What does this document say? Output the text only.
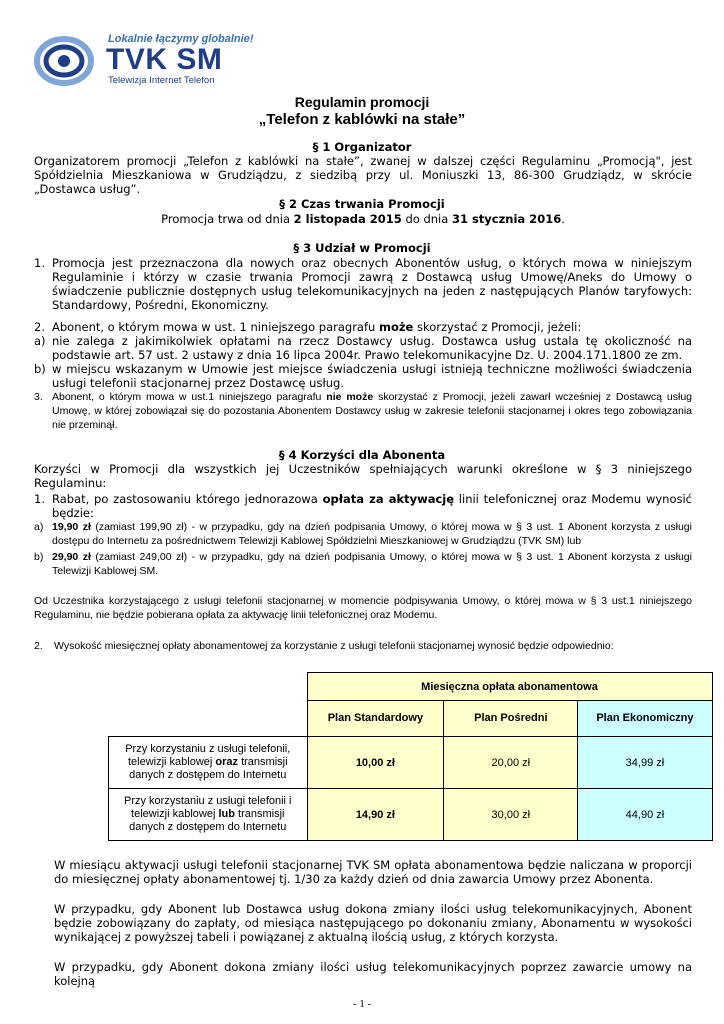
Lokalnie łączymy globalnie!
TVK SM
Telewizja Internet Telefon
Regulamin promocji
„Telefon z kablówki na stałe”
§ 1 Organizator
Organizatorem promocji „Telefon z kablówki na stałe”, zwanej w dalszej części Regulaminu „Promocją", jest Spółdzielnia Mieszkaniowa w Grudziądzu, z siedzibą przy ul. Moniuszki 13, 86-300 Grudziądz, w skrócie „Dostawca usług”.
§ 2 Czas trwania Promocji
Promocja trwa od dnia 2 listopada 2015 do dnia 31 stycznia 2016.
§ 3 Udział w Promocji
1. Promocja jest przeznaczona dla nowych oraz obecnych Abonentów usług, o których mowa w niniejszym Regulaminie i którzy w czasie trwania Promocji zawrą z Dostawcą usług Umowę/Aneks do Umowy o świadczenie publicznie dostępnych usług telekomunikacyjnych na jeden z następujących Planów taryfowych: Standardowy, Pośredni, Ekonomiczny.
2. Abonent, o którym mowa w ust. 1 niniejszego paragrafu może skorzystać z Promocji, jeżeli:
a) nie zalega z jakimikolwiek opłatami na rzecz Dostawcy usług. Dostawca usług ustala tę okoliczność na podstawie art. 57 ust. 2 ustawy z dnia 16 lipca 2004r. Prawo telekomunikacyjne Dz. U. 2004.171.1800 ze zm.
b) w miejscu wskazanym w Umowie jest miejsce świadczenia usługi istnieją techniczne możliwości świadczenia usługi telefonii stacjonarnej przez Dostawcę usług.
3. Abonent, o którym mowa w ust.1 niniejszego paragrafu nie może skorzystać z Promocji, jeżeli zawarł wcześniej z Dostawcą usług Umowę, w której zobowiązał się do pozostania Abonentem Dostawcy usług w zakresie telefonii stacjonarnej i okres tego zobowiązania nie przeminął.
§ 4 Korzyści dla Abonenta
Korzyści w Promocji dla wszystkich jej Uczestników spełniających warunki określone w § 3 niniejszego Regulaminu:
1. Rabat, po zastosowaniu którego jednorazowa opłata za aktywację linii telefonicznej oraz Modemu wynosić będzie:
a) 19,90 zł (zamiast 199,90 zł) - w przypadku, gdy na dzień podpisania Umowy, o której mowa w § 3 ust. 1 Abonent korzysta z usługi dostępu do Internetu za pośrednictwem Telewizji Kablowej Spółdzielni Mieszkaniowej w Grudziądzu (TVK SM) lub
b) 29,90 zł (zamiast 249,00 zł) - w przypadku, gdy na dzień podpisania Umowy, o której mowa w § 3 ust. 1 Abonent korzysta z usługi Telewizji Kablowej SM.
Od Uczestnika korzystającego z usługi telefonii stacjonarnej w momencie podpisywania Umowy, o której mowa w § 3 ust.1 niniejszego Regulaminu, nie będzie pobierana opłata za aktywację linii telefonicznej oraz Modemu.
2. Wysokość miesięcznej opłaty abonamentowej za korzystanie z usługi telefonii stacjonarnej wynosić będzie odpowiednio:
	Miesięczna opłata abonamentowa		
	Plan Standardowy	Plan Pośredni	Plan Ekonomiczny
Przy korzystaniu z usługi telefonii, telewizji kablowej oraz transmisji danych z dostępem do Internetu	10,00 zł	20,00 zł	34,99 zł
Przy korzystaniu z usługi telefonii i telewizji kablowej lub transmisji danych z dostępem do Internetu	14,90 zł	30,00 zł	44,90 zł
W miesiącu aktywacji usługi telefonii stacjonarnej TVK SM opłata abonamentowa będzie naliczana w proporcji do miesięcznej opłaty abonamentowej tj. 1/30 za każdy dzień od dnia zawarcia Umowy przez Abonenta.
W przypadku, gdy Abonent lub Dostawca usług dokona zmiany ilości usług telekomunikacyjnych, Abonent będzie zobowiązany do zapłaty, od miesiąca następującego po dokonaniu zmiany, Abonamentu w wysokości wynikającej z powyższej tabeli i powiązanej z aktualną ilością usług, z których korzysta.
W przypadku, gdy Abonent dokona zmiany ilości usług telekomunikacyjnych poprzez zawarcie umowy na kolejną
- 1 -
